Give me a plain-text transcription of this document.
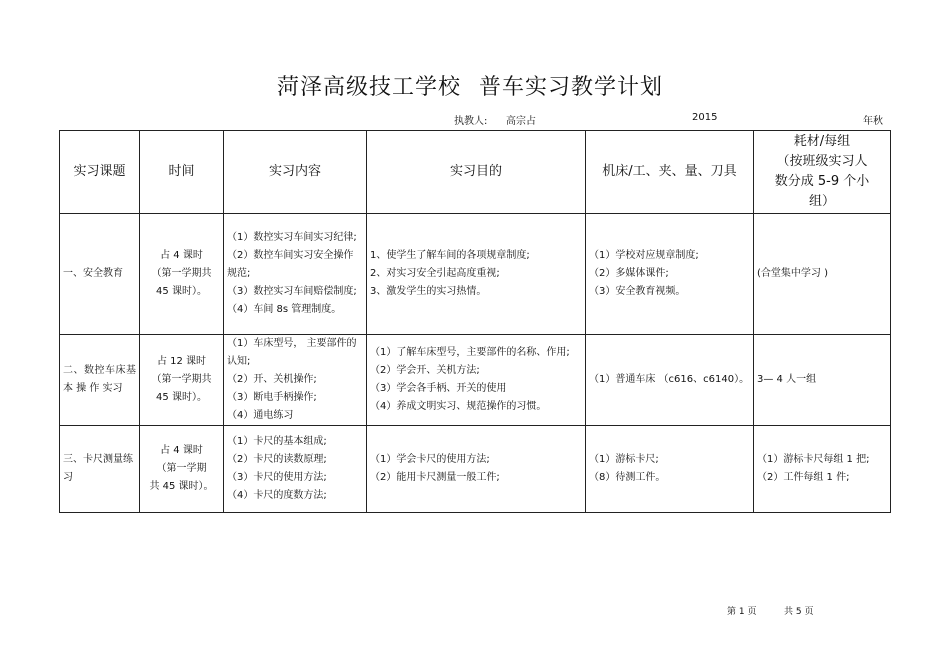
菏泽高级技工学校 普车实习教学计划
执教人: 高宗占	2015	年秋
实习课题	时间	实习内容	实习目的	机床/工、夹、量、刀具	耗材/每组
（按班级实习人
数分成 5-9 个小
组）

一、安全教育	占 4 课时
（第一学期共
45 课时）。	（1）数控实习车间实习纪律;
（2）数控车间实习安全操作规范;
（3）数控实习车间赔偿制度;
（4）车间 8s 管理制度。	1、使学生了解车间的各项规章制度;
2、对实习安全引起高度重视;
3、激发学生的实习热情。	（1）学校对应规章制度;
（2）多媒体课件;
（3）安全教育视频。	(合堂集中学习 )

二、数控车床基 本 操 作 实习	占 12 课时
（第一学期共
45 课时）。	（1）车床型号， 主要部件的认知;
（2）开、关机操作;
（3）断电手柄操作;
（4）通电练习	（1）了解车床型号，主要部件的名称、作用;
（2）学会开、关机方法;
（3）学会各手柄、开关的使用
（4）养成文明实习、规范操作的习惯。	（1）普通车床 （c616、c6140）。	3— 4 人一组

三、卡尺测量练习	占 4 课时
（第一学期
共 45 课时）。	（1）卡尺的基本组成;
（2）卡尺的读数原理;
（3）卡尺的使用方法;
（4）卡尺的度数方法;	（1）学会卡尺的使用方法;
（2）能用卡尺测量一般工件;	（1）游标卡尺;
（8）待测工件。	（1）游标卡尺每组 1 把;
（2）工件每组 1 件;
第 1 页	共 5 页
